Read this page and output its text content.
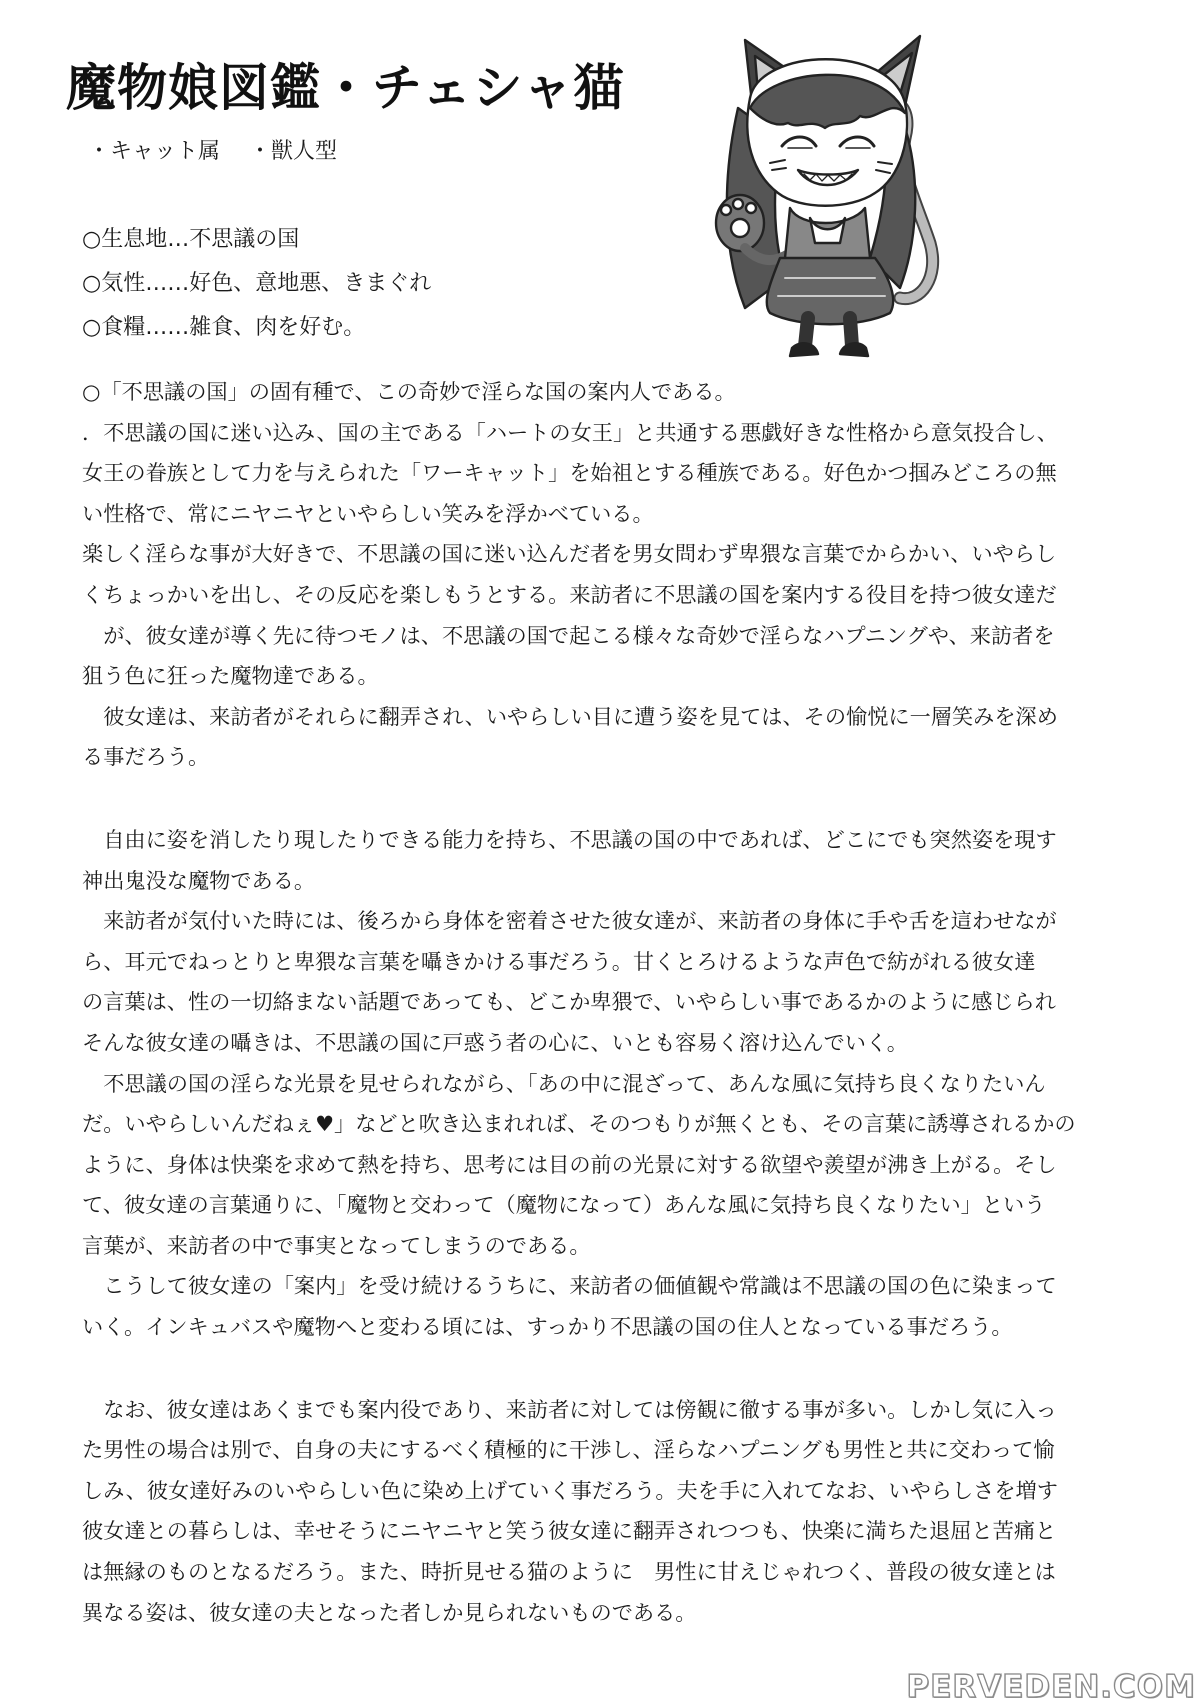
魔物娘図鑑・チェシャ猫
・キャット属　 ・獣人型
○生息地…不思議の国
○気性……好色、意地悪、きまぐれ
○食糧……雑食、肉を好む。
○「不思議の国」の固有種で、この奇妙で淫らな国の案内人である。
．不思議の国に迷い込み、国の主である「ハートの女王」と共通する悪戯好きな性格から意気投合し、
女王の眷族として力を与えられた「ワーキャット」を始祖とする種族である。好色かつ掴みどころの無
い性格で、常にニヤニヤといやらしい笑みを浮かべている。
楽しく淫らな事が大好きで、不思議の国に迷い込んだ者を男女問わず卑猥な言葉でからかい、いやらし
くちょっかいを出し、その反応を楽しもうとする。来訪者に不思議の国を案内する役目を持つ彼女達だ
　が、彼女達が導く先に待つモノは、不思議の国で起こる様々な奇妙で淫らなハプニングや、来訪者を
狙う色に狂った魔物達である。
　彼女達は、来訪者がそれらに翻弄され、いやらしい目に遭う姿を見ては、その愉悦に一層笑みを深め
る事だろう。
　自由に姿を消したり現したりできる能力を持ち、不思議の国の中であれば、どこにでも突然姿を現す
神出鬼没な魔物である。
　来訪者が気付いた時には、後ろから身体を密着させた彼女達が、来訪者の身体に手や舌を這わせなが
ら、耳元でねっとりと卑猥な言葉を囁きかける事だろう。甘くとろけるような声色で紡がれる彼女達
の言葉は、性の一切絡まない話題であっても、どこか卑猥で、いやらしい事であるかのように感じられ
そんな彼女達の囁きは、不思議の国に戸惑う者の心に、いとも容易く溶け込んでいく。
　不思議の国の淫らな光景を見せられながら、「あの中に混ざって、あんな風に気持ち良くなりたいん
だ。いやらしいんだねぇ♥」などと吹き込まれれば、そのつもりが無くとも、その言葉に誘導されるかの
ように、身体は快楽を求めて熱を持ち、思考には目の前の光景に対する欲望や羨望が沸き上がる。そし
て、彼女達の言葉通りに、「魔物と交わって（魔物になって）あんな風に気持ち良くなりたい」という
言葉が、来訪者の中で事実となってしまうのである。
　こうして彼女達の「案内」を受け続けるうちに、来訪者の価値観や常識は不思議の国の色に染まって
いく。インキュバスや魔物へと変わる頃には、すっかり不思議の国の住人となっている事だろう。
　なお、彼女達はあくまでも案内役であり、来訪者に対しては傍観に徹する事が多い。しかし気に入っ
た男性の場合は別で、自身の夫にするべく積極的に干渉し、淫らなハプニングも男性と共に交わって愉
しみ、彼女達好みのいやらしい色に染め上げていく事だろう。夫を手に入れてなお、いやらしさを増す
彼女達との暮らしは、幸せそうにニヤニヤと笑う彼女達に翻弄されつつも、快楽に満ちた退屈と苦痛と
は無縁のものとなるだろう。また、時折見せる猫のように　男性に甘えじゃれつく、普段の彼女達とは
異なる姿は、彼女達の夫となった者しか見られないものである。
PERVEDEN.COM
